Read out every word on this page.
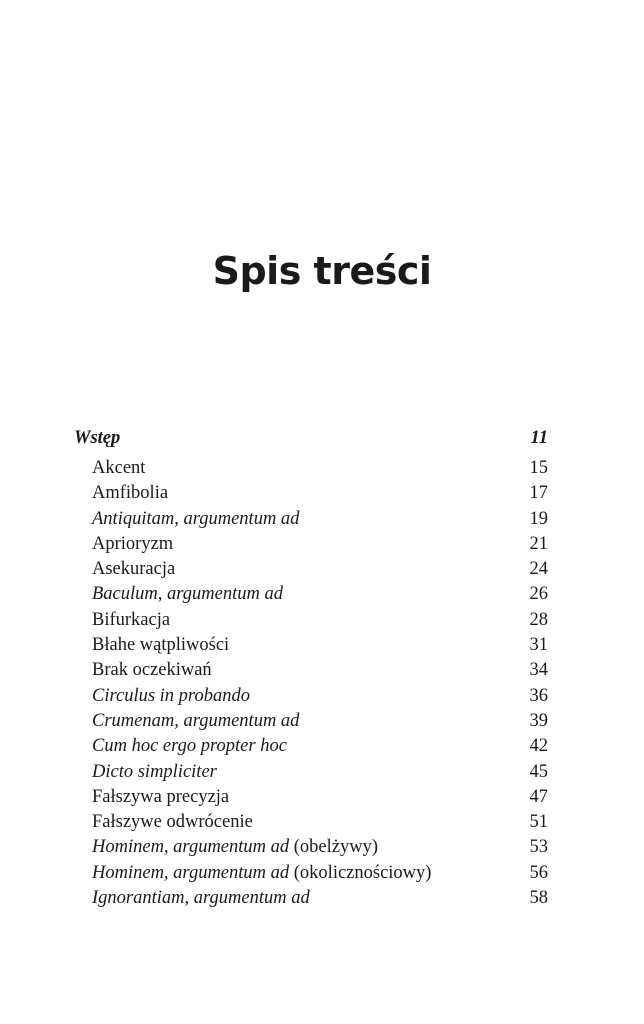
Spis treści
Wstęp	11
Akcent	15
Amfibolia	17
Antiquitam, argumentum ad	19
Aprioryzm	21
Asekuracja	24
Baculum, argumentum ad	26
Bifurkacja	28
Błahe wątpliwości	31
Brak oczekiwań	34
Circulus in probando	36
Crumenam, argumentum ad	39
Cum hoc ergo propter hoc	42
Dicto simpliciter	45
Fałszywa precyzja	47
Fałszywe odwrócenie	51
Hominem, argumentum ad (obelżywy)	53
Hominem, argumentum ad (okolicznościowy)	56
Ignorantiam, argumentum ad	58
